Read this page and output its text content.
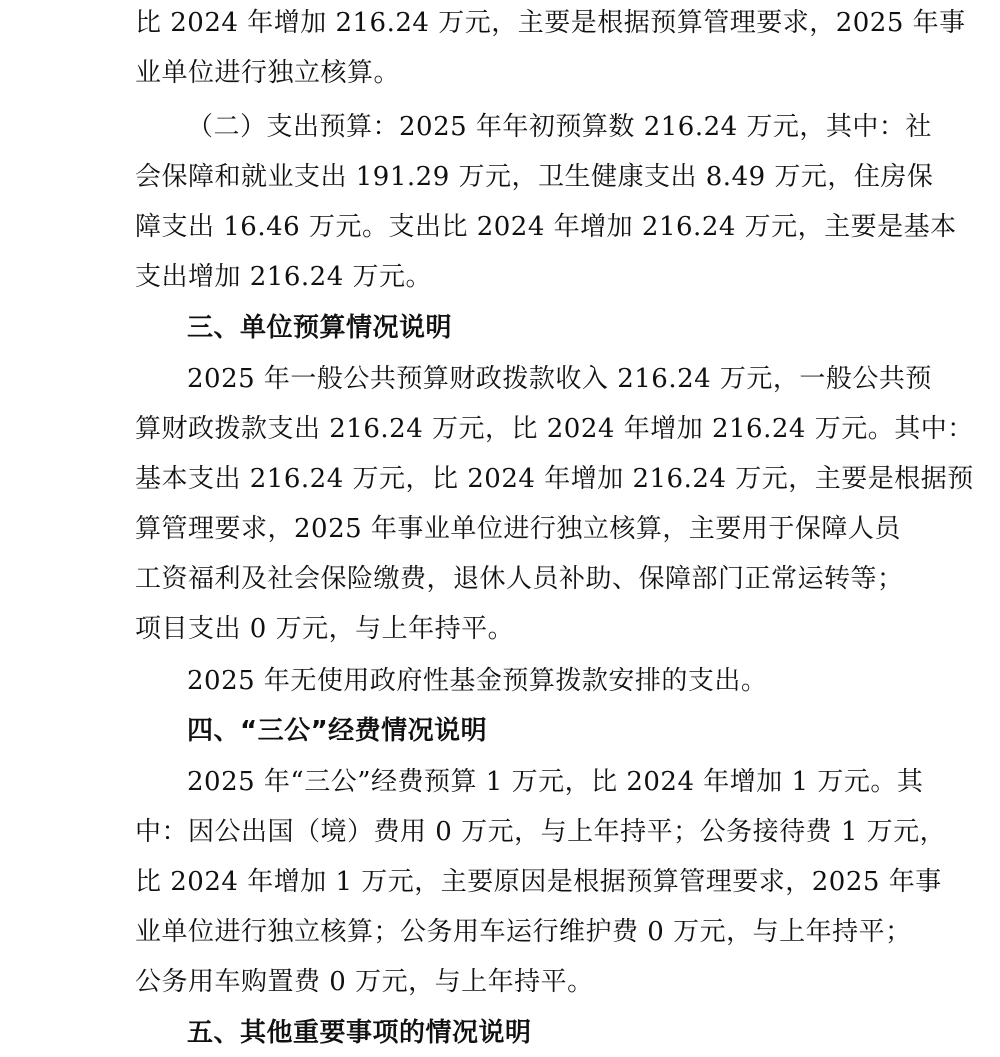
比 2024 年增加 216.24 万元，主要是根据预算管理要求，2025 年事
业单位进行独立核算。
（二）支出预算：2025 年年初预算数 216.24 万元，其中：社
会保障和就业支出 191.29 万元，卫生健康支出 8.49 万元，住房保
障支出 16.46 万元。支出比 2024 年增加 216.24 万元，主要是基本
支出增加 216.24 万元。
三、单位预算情况说明
2025 年一般公共预算财政拨款收入 216.24 万元，一般公共预
算财政拨款支出 216.24 万元，比 2024 年增加 216.24 万元。其中：
基本支出 216.24 万元，比 2024 年增加 216.24 万元，主要是根据预
算管理要求，2025 年事业单位进行独立核算，主要用于保障人员
工资福利及社会保险缴费，退休人员补助、保障部门正常运转等；
项目支出 0 万元，与上年持平。
2025 年无使用政府性基金预算拨款安排的支出。
四、“三公”经费情况说明
2025 年“三公”经费预算 1 万元，比 2024 年增加 1 万元。其
中：因公出国（境）费用 0 万元，与上年持平；公务接待费 1 万元，
比 2024 年增加 1 万元，主要原因是根据预算管理要求，2025 年事
业单位进行独立核算；公务用车运行维护费 0 万元，与上年持平；
公务用车购置费 0 万元，与上年持平。
五、其他重要事项的情况说明
